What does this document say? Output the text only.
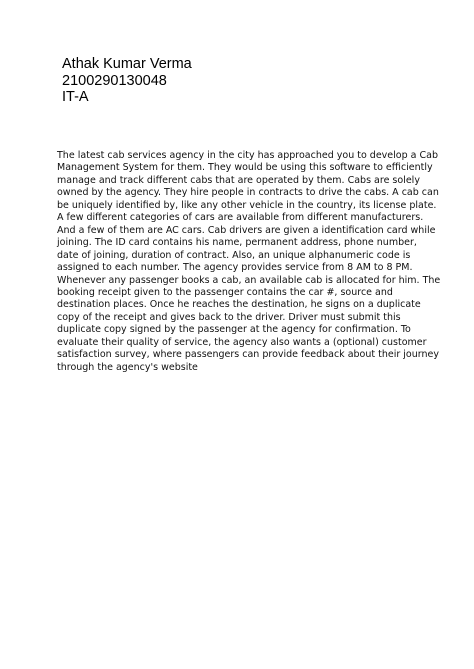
Athak Kumar Verma
2100290130048
IT-A
The latest cab services agency in the city has approached you to develop a Cab
Management System for them. They would be using this software to efficiently
manage and track different cabs that are operated by them. Cabs are solely
owned by the agency. They hire people in contracts to drive the cabs. A cab can
be uniquely identified by, like any other vehicle in the country, its license plate.
A few different categories of cars are available from different manufacturers.
And a few of them are AC cars. Cab drivers are given a identification card while
joining. The ID card contains his name, permanent address, phone number,
date of joining, duration of contract. Also, an unique alphanumeric code is
assigned to each number. The agency provides service from 8 AM to 8 PM.
Whenever any passenger books a cab, an available cab is allocated for him. The
booking receipt given to the passenger contains the car #, source and
destination places. Once he reaches the destination, he signs on a duplicate
copy of the receipt and gives back to the driver. Driver must submit this
duplicate copy signed by the passenger at the agency for confirmation. To
evaluate their quality of service, the agency also wants a (optional) customer
satisfaction survey, where passengers can provide feedback about their journey
through the agency's website
